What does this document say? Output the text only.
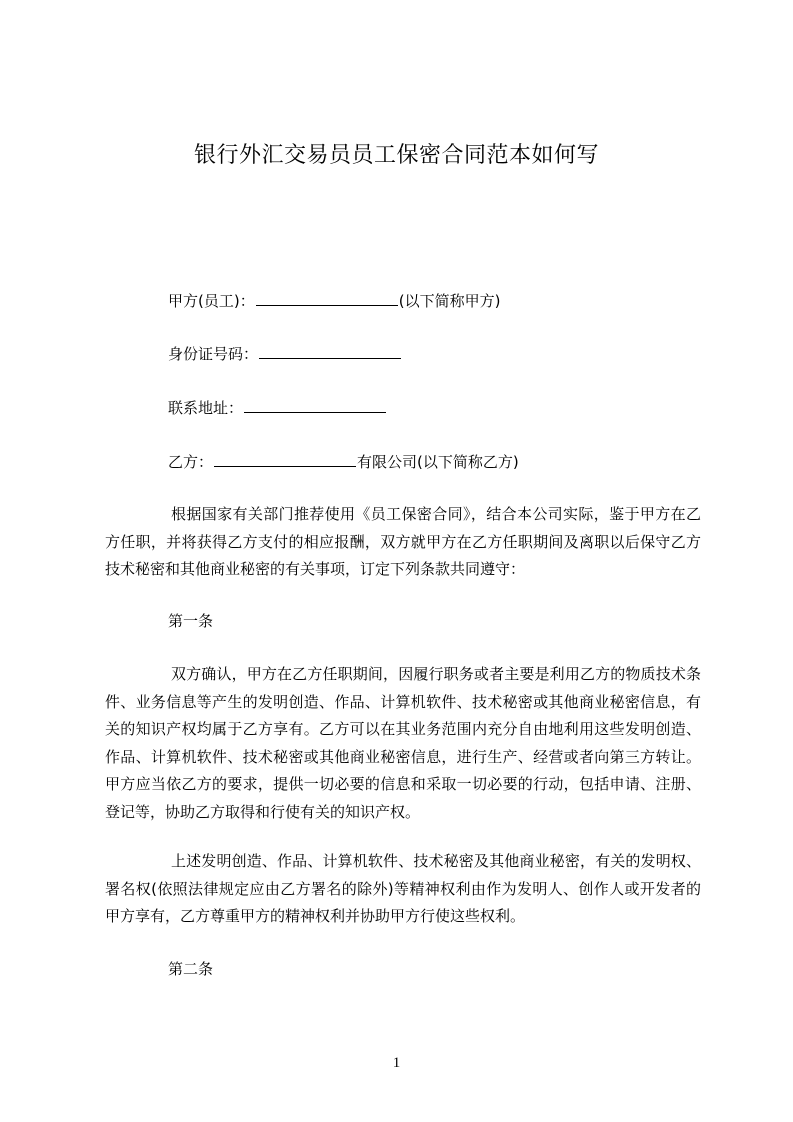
银行外汇交易员员工保密合同范本如何写
甲方(员工)：	(以下简称甲方)
身份证号码：
联系地址：
乙方：	有限公司(以下简称乙方)
根据国家有关部门推荐使用《员工保密合同》，结合本公司实际，鉴于甲方在乙方任职，并将获得乙方支付的相应报酬，双方就甲方在乙方任职期间及离职以后保守乙方技术秘密和其他商业秘密的有关事项，订定下列条款共同遵守：
第一条
双方确认，甲方在乙方任职期间，因履行职务或者主要是利用乙方的物质技术条件、业务信息等产生的发明创造、作品、计算机软件、技术秘密或其他商业秘密信息，有关的知识产权均属于乙方享有。乙方可以在其业务范围内充分自由地利用这些发明创造、作品、计算机软件、技术秘密或其他商业秘密信息，进行生产、经营或者向第三方转让。甲方应当依乙方的要求，提供一切必要的信息和采取一切必要的行动，包括申请、注册、登记等，协助乙方取得和行使有关的知识产权。
上述发明创造、作品、计算机软件、技术秘密及其他商业秘密，有关的发明权、署名权(依照法律规定应由乙方署名的除外)等精神权利由作为发明人、创作人或开发者的甲方享有，乙方尊重甲方的精神权利并协助甲方行使这些权利。
第二条
1
